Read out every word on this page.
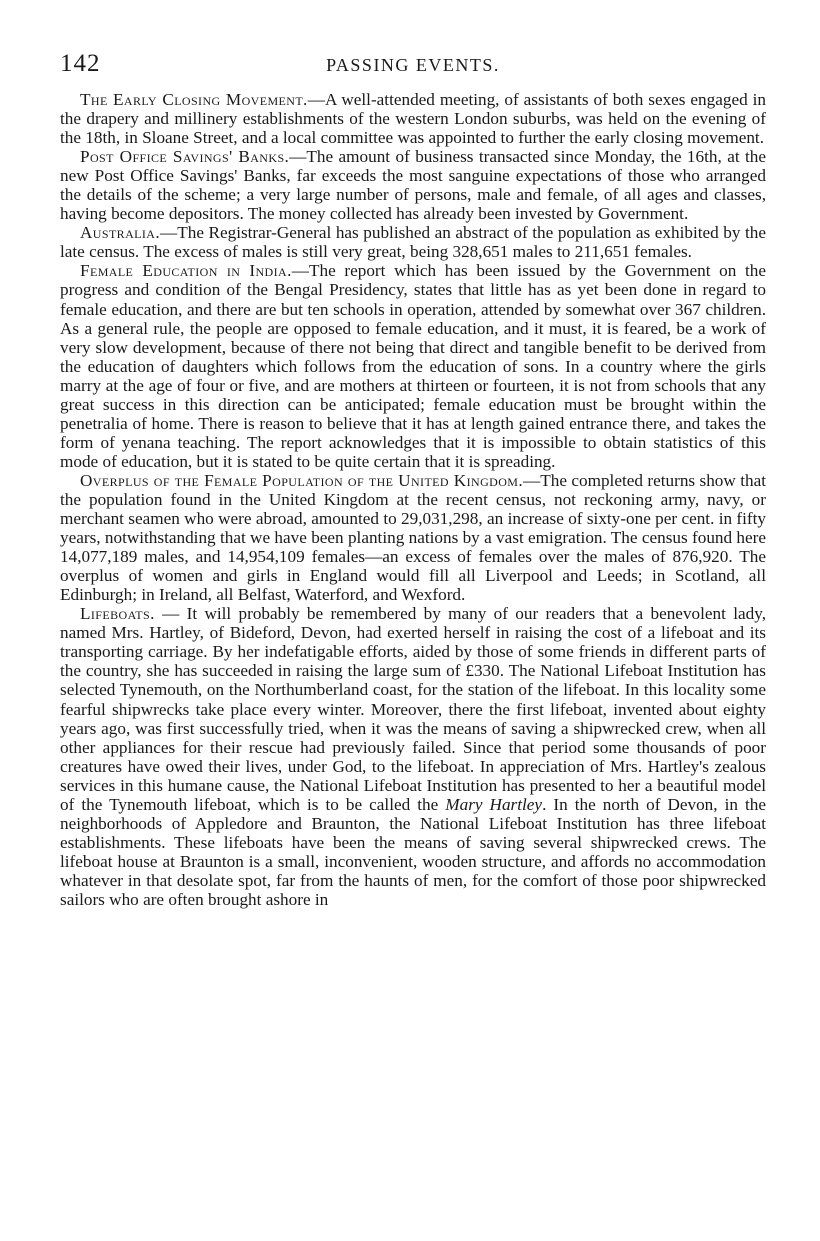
142	PASSING EVENTS.

The Early Closing Movement.—A well-attended meeting, of assistants of both sexes engaged in the drapery and millinery establishments of the western London suburbs, was held on the evening of the 18th, in Sloane Street, and a local committee was appointed to further the early closing movement.

Post Office Savings' Banks.—The amount of business transacted since Monday, the 16th, at the new Post Office Savings' Banks, far exceeds the most sanguine expectations of those who arranged the details of the scheme; a very large number of persons, male and female, of all ages and classes, having become depositors. The money collected has already been invested by Government.

Australia.—The Registrar-General has published an abstract of the population as exhibited by the late census. The excess of males is still very great, being 328,651 males to 211,651 females.

Female Education in India.—The report which has been issued by the Government on the progress and condition of the Bengal Presidency, states that little has as yet been done in regard to female education, and there are but ten schools in operation, attended by somewhat over 367 children. As a general rule, the people are opposed to female education, and it must, it is feared, be a work of very slow development, because of there not being that direct and tangible benefit to be derived from the education of daughters which follows from the education of sons. In a country where the girls marry at the age of four or five, and are mothers at thirteen or fourteen, it is not from schools that any great success in this direction can be anticipated; female education must be brought within the penetralia of home. There is reason to believe that it has at length gained entrance there, and takes the form of yenana teaching. The report acknowledges that it is impossible to obtain statistics of this mode of education, but it is stated to be quite certain that it is spreading.

Overplus of the Female Population of the United Kingdom.—The completed returns show that the population found in the United Kingdom at the recent census, not reckoning army, navy, or merchant seamen who were abroad, amounted to 29,031,298, an increase of sixty-one per cent. in fifty years, notwithstanding that we have been planting nations by a vast emigration. The census found here 14,077,189 males, and 14,954,109 females—an excess of females over the males of 876,920. The overplus of women and girls in England would fill all Liverpool and Leeds; in Scotland, all Edinburgh; in Ireland, all Belfast, Waterford, and Wexford.

Lifeboats. — It will probably be remembered by many of our readers that a benevolent lady, named Mrs. Hartley, of Bideford, Devon, had exerted herself in raising the cost of a lifeboat and its transporting carriage. By her indefatigable efforts, aided by those of some friends in different parts of the country, she has succeeded in raising the large sum of £330. The National Lifeboat Institution has selected Tynemouth, on the Northumberland coast, for the station of the lifeboat. In this locality some fearful shipwrecks take place every winter. Moreover, there the first lifeboat, invented about eighty years ago, was first successfully tried, when it was the means of saving a shipwrecked crew, when all other appliances for their rescue had previously failed. Since that period some thousands of poor creatures have owed their lives, under God, to the lifeboat. In appreciation of Mrs. Hartley's zealous services in this humane cause, the National Lifeboat Institution has presented to her a beautiful model of the Tynemouth lifeboat, which is to be called the Mary Hartley. In the north of Devon, in the neighborhoods of Appledore and Braunton, the National Lifeboat Institution has three lifeboat establishments. These lifeboats have been the means of saving several shipwrecked crews. The lifeboat house at Braunton is a small, inconvenient, wooden structure, and affords no accommodation whatever in that desolate spot, far from the haunts of men, for the comfort of those poor shipwrecked sailors who are often brought ashore in
